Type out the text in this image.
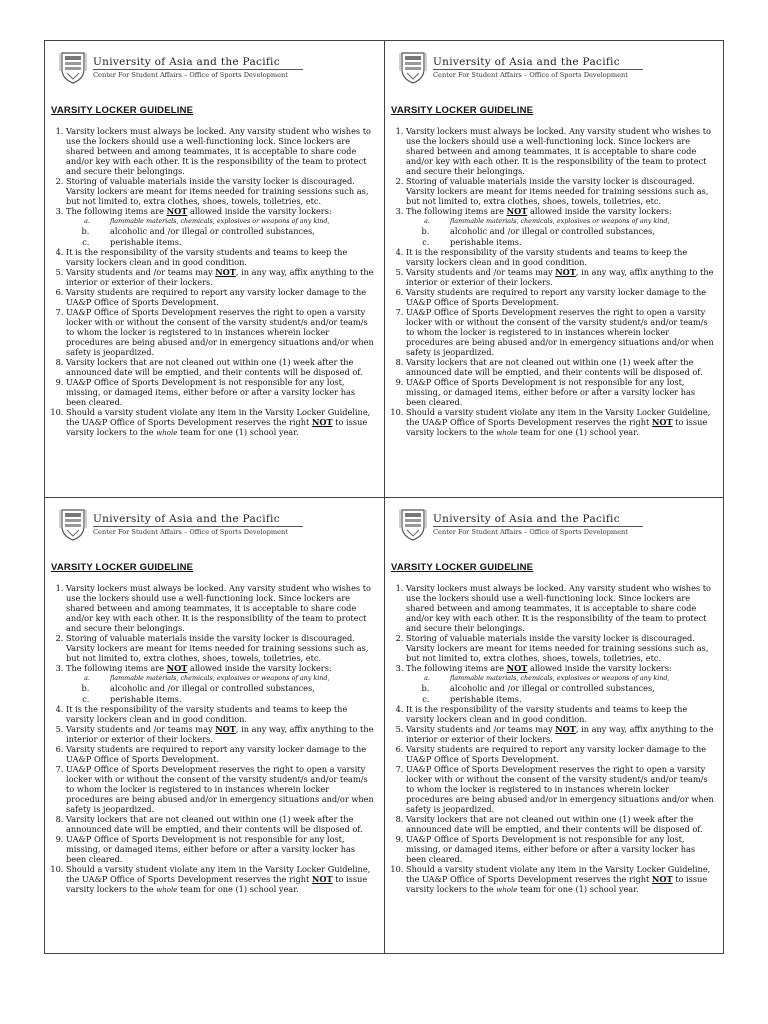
University of Asia and the Pacific
Center For Student Affairs – Office of Sports Development
VARSITY LOCKER GUIDELINE
1. Varsity lockers must always be locked. Any varsity student who wishes to use the lockers should use a well-functioning lock. Since lockers are shared between and among teammates, it is acceptable to share code and/or key with each other. It is the responsibility of the team to protect and secure their belongings.
2. Storing of valuable materials inside the varsity locker is discouraged. Varsity lockers are meant for items needed for training sessions such as, but not limited to, extra clothes, shoes, towels, toiletries, etc.
3. The following items are NOT allowed inside the varsity lockers:
a. flammable materials, chemicals, explosives or weapons of any kind,
b. alcoholic and /or illegal or controlled substances,
c. perishable items.
4. It is the responsibility of the varsity students and teams to keep the varsity lockers clean and in good condition.
5. Varsity students and /or teams may NOT, in any way, affix anything to the interior or exterior of their lockers.
6. Varsity students are required to report any varsity locker damage to the UA&P Office of Sports Development.
7. UA&P Office of Sports Development reserves the right to open a varsity locker with or without the consent of the varsity student/s and/or team/s to whom the locker is registered to in instances wherein locker procedures are being abused and/or in emergency situations and/or when safety is jeopardized.
8. Varsity lockers that are not cleaned out within one (1) week after the announced date will be emptied, and their contents will be disposed of.
9. UA&P Office of Sports Development is not responsible for any lost, missing, or damaged items, either before or after a varsity locker has been cleared.
10. Should a varsity student violate any item in the Varsity Locker Guideline, the UA&P Office of Sports Development reserves the right NOT to issue varsity lockers to the whole team for one (1) school year.
University of Asia and the Pacific
Center For Student Affairs – Office of Sports Development
VARSITY LOCKER GUIDELINE
1. Varsity lockers must always be locked. Any varsity student who wishes to use the lockers should use a well-functioning lock. Since lockers are shared between and among teammates, it is acceptable to share code and/or key with each other. It is the responsibility of the team to protect and secure their belongings.
2. Storing of valuable materials inside the varsity locker is discouraged. Varsity lockers are meant for items needed for training sessions such as, but not limited to, extra clothes, shoes, towels, toiletries, etc.
3. The following items are NOT allowed inside the varsity lockers:
a. flammable materials, chemicals, explosives or weapons of any kind,
b. alcoholic and /or illegal or controlled substances,
c. perishable items.
4. It is the responsibility of the varsity students and teams to keep the varsity lockers clean and in good condition.
5. Varsity students and /or teams may NOT, in any way, affix anything to the interior or exterior of their lockers.
6. Varsity students are required to report any varsity locker damage to the UA&P Office of Sports Development.
7. UA&P Office of Sports Development reserves the right to open a varsity locker with or without the consent of the varsity student/s and/or team/s to whom the locker is registered to in instances wherein locker procedures are being abused and/or in emergency situations and/or when safety is jeopardized.
8. Varsity lockers that are not cleaned out within one (1) week after the announced date will be emptied, and their contents will be disposed of.
9. UA&P Office of Sports Development is not responsible for any lost, missing, or damaged items, either before or after a varsity locker has been cleared.
10. Should a varsity student violate any item in the Varsity Locker Guideline, the UA&P Office of Sports Development reserves the right NOT to issue varsity lockers to the whole team for one (1) school year.
University of Asia and the Pacific
Center For Student Affairs – Office of Sports Development
VARSITY LOCKER GUIDELINE
1. Varsity lockers must always be locked. Any varsity student who wishes to use the lockers should use a well-functioning lock. Since lockers are shared between and among teammates, it is acceptable to share code and/or key with each other. It is the responsibility of the team to protect and secure their belongings.
2. Storing of valuable materials inside the varsity locker is discouraged. Varsity lockers are meant for items needed for training sessions such as, but not limited to, extra clothes, shoes, towels, toiletries, etc.
3. The following items are NOT allowed inside the varsity lockers:
a. flammable materials, chemicals, explosives or weapons of any kind,
b. alcoholic and /or illegal or controlled substances,
c. perishable items.
4. It is the responsibility of the varsity students and teams to keep the varsity lockers clean and in good condition.
5. Varsity students and /or teams may NOT, in any way, affix anything to the interior or exterior of their lockers.
6. Varsity students are required to report any varsity locker damage to the UA&P Office of Sports Development.
7. UA&P Office of Sports Development reserves the right to open a varsity locker with or without the consent of the varsity student/s and/or team/s to whom the locker is registered to in instances wherein locker procedures are being abused and/or in emergency situations and/or when safety is jeopardized.
8. Varsity lockers that are not cleaned out within one (1) week after the announced date will be emptied, and their contents will be disposed of.
9. UA&P Office of Sports Development is not responsible for any lost, missing, or damaged items, either before or after a varsity locker has been cleared.
10. Should a varsity student violate any item in the Varsity Locker Guideline, the UA&P Office of Sports Development reserves the right NOT to issue varsity lockers to the whole team for one (1) school year.
University of Asia and the Pacific
Center For Student Affairs – Office of Sports Development
VARSITY LOCKER GUIDELINE
1. Varsity lockers must always be locked. Any varsity student who wishes to use the lockers should use a well-functioning lock. Since lockers are shared between and among teammates, it is acceptable to share code and/or key with each other. It is the responsibility of the team to protect and secure their belongings.
2. Storing of valuable materials inside the varsity locker is discouraged. Varsity lockers are meant for items needed for training sessions such as, but not limited to, extra clothes, shoes, towels, toiletries, etc.
3. The following items are NOT allowed inside the varsity lockers:
a. flammable materials, chemicals, explosives or weapons of any kind,
b. alcoholic and /or illegal or controlled substances,
c. perishable items.
4. It is the responsibility of the varsity students and teams to keep the varsity lockers clean and in good condition.
5. Varsity students and /or teams may NOT, in any way, affix anything to the interior or exterior of their lockers.
6. Varsity students are required to report any varsity locker damage to the UA&P Office of Sports Development.
7. UA&P Office of Sports Development reserves the right to open a varsity locker with or without the consent of the varsity student/s and/or team/s to whom the locker is registered to in instances wherein locker procedures are being abused and/or in emergency situations and/or when safety is jeopardized.
8. Varsity lockers that are not cleaned out within one (1) week after the announced date will be emptied, and their contents will be disposed of.
9. UA&P Office of Sports Development is not responsible for any lost, missing, or damaged items, either before or after a varsity locker has been cleared.
10. Should a varsity student violate any item in the Varsity Locker Guideline, the UA&P Office of Sports Development reserves the right NOT to issue varsity lockers to the whole team for one (1) school year.
